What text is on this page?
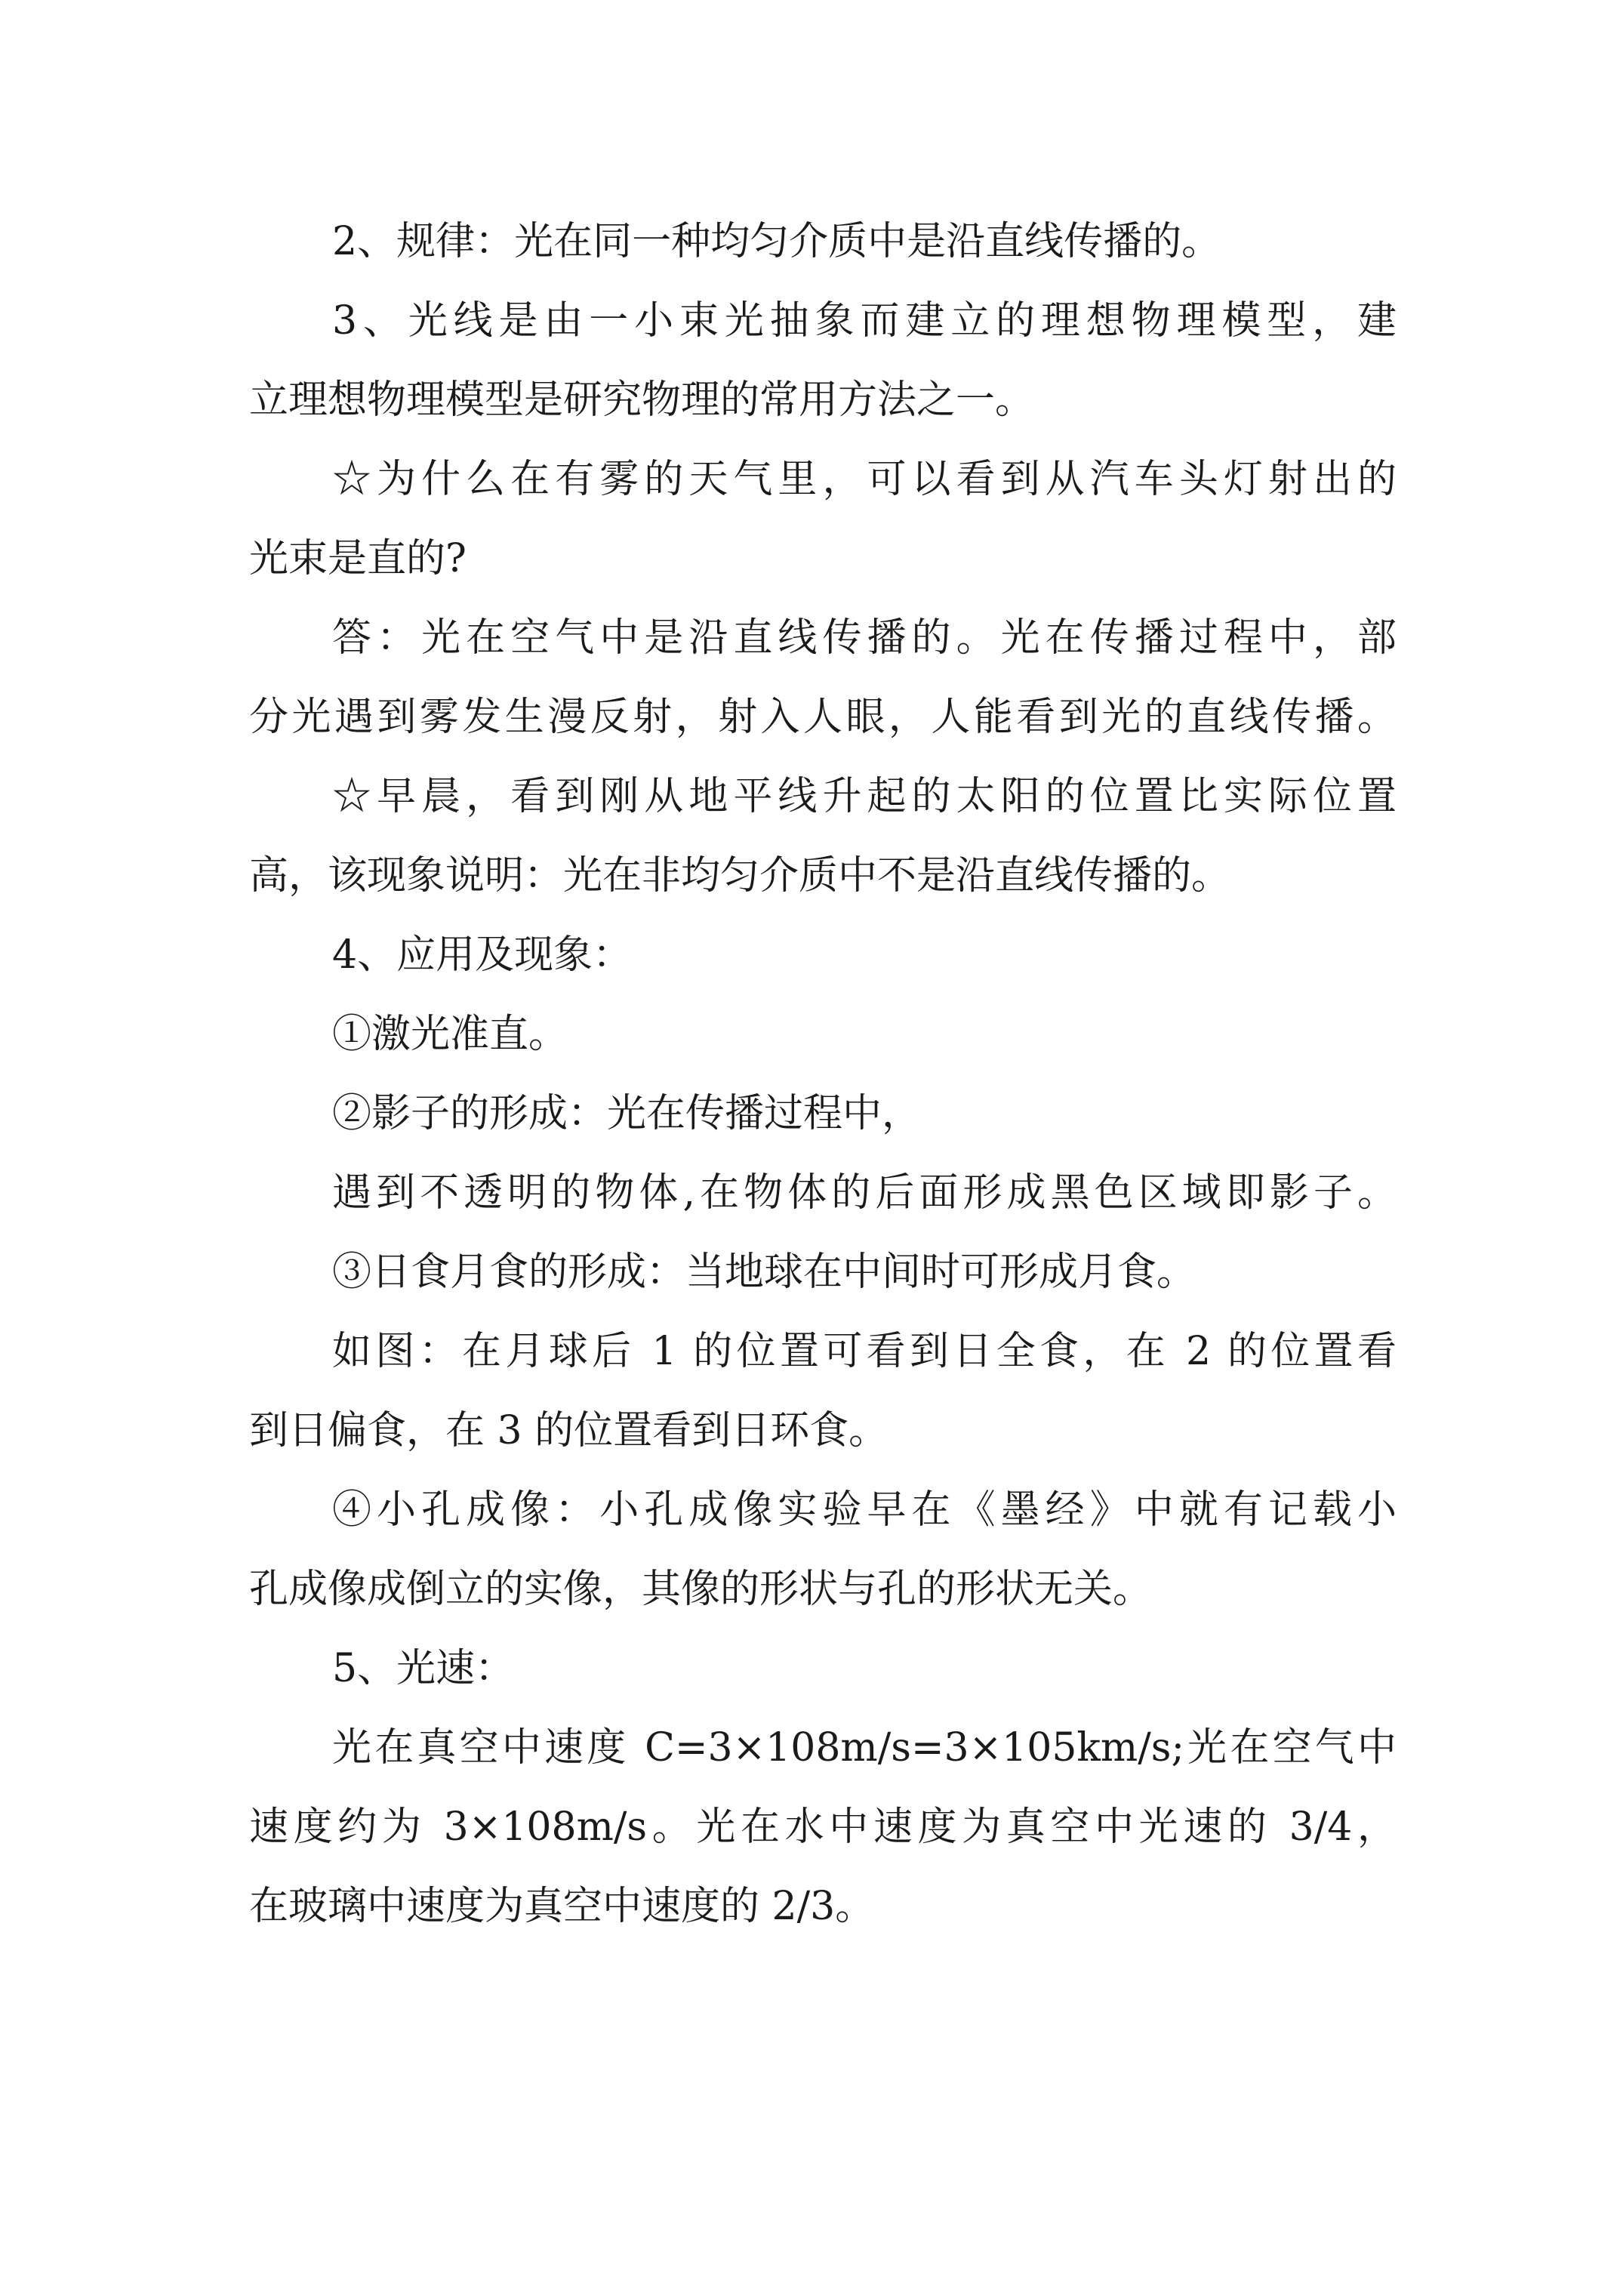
2、规律：光在同一种均匀介质中是沿直线传播的。
3、光线是由一小束光抽象而建立的理想物理模型，建
立理想物理模型是研究物理的常用方法之一。
☆为什么在有雾的天气里，可以看到从汽车头灯射出的
光束是直的?
答：光在空气中是沿直线传播的。光在传播过程中，部
分光遇到雾发生漫反射，射入人眼，人能看到光的直线传播。
☆早晨，看到刚从地平线升起的太阳的位置比实际位置
高，该现象说明：光在非均匀介质中不是沿直线传播的。
4、应用及现象：
①激光准直。
②影子的形成：光在传播过程中，
遇到不透明的物体,在物体的后面形成黑色区域即影子。
③日食月食的形成：当地球在中间时可形成月食。
如图：在月球后 1 的位置可看到日全食，在 2 的位置看
到日偏食，在 3 的位置看到日环食。
④小孔成像：小孔成像实验早在《墨经》中就有记载小
孔成像成倒立的实像，其像的形状与孔的形状无关。
5、光速：
光在真空中速度 C=3×108m/s=3×105km/s;光在空气中
速度约为 3×108m/s。光在水中速度为真空中光速的 3/4，
在玻璃中速度为真空中速度的 2/3。
